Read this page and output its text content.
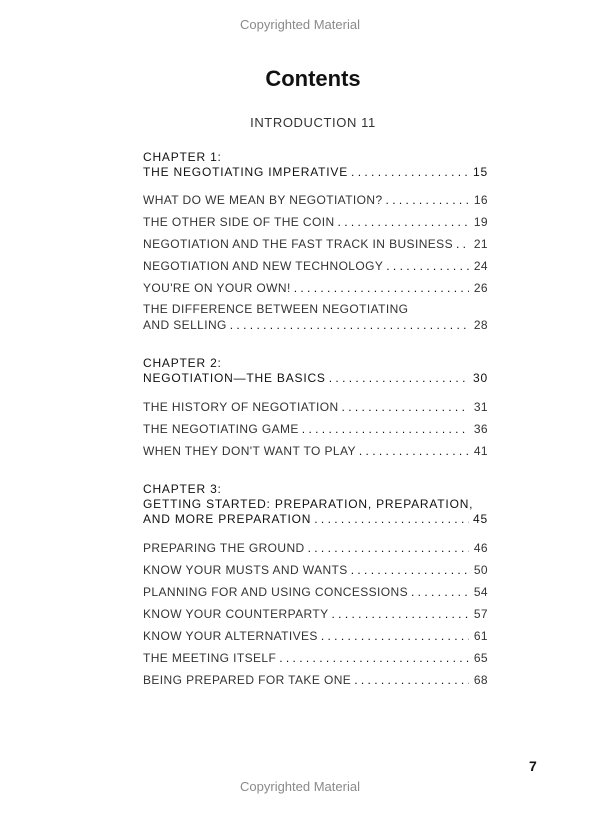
Copyrighted Material
Contents
INTRODUCTION 11
CHAPTER 1:
THE NEGOTIATING IMPERATIVE . . .	15
WHAT DO WE MEAN BY NEGOTIATION? . . .	16
THE OTHER SIDE OF THE COIN . . .	19
NEGOTIATION AND THE FAST TRACK IN BUSINESS . . . 21
NEGOTIATION AND NEW TECHNOLOGY . . .	24
YOU'RE ON YOUR OWN! . . .	26
THE DIFFERENCE BETWEEN NEGOTIATING
AND SELLING . . .	28
CHAPTER 2:
NEGOTIATION—THE BASICS . . .	30
THE HISTORY OF NEGOTIATION . . .	31
THE NEGOTIATING GAME . . .	36
WHEN THEY DON'T WANT TO PLAY . . .	41
CHAPTER 3:
GETTING STARTED: PREPARATION, PREPARATION,
AND MORE PREPARATION . . .	45
PREPARING THE GROUND . . .	46
KNOW YOUR MUSTS AND WANTS . . .	50
PLANNING FOR AND USING CONCESSIONS . . .	54
KNOW YOUR COUNTERPARTY . . .	57
KNOW YOUR ALTERNATIVES . . .	61
THE MEETING ITSELF . . .	65
BEING PREPARED FOR TAKE ONE . . .	68
7
Copyrighted Material
